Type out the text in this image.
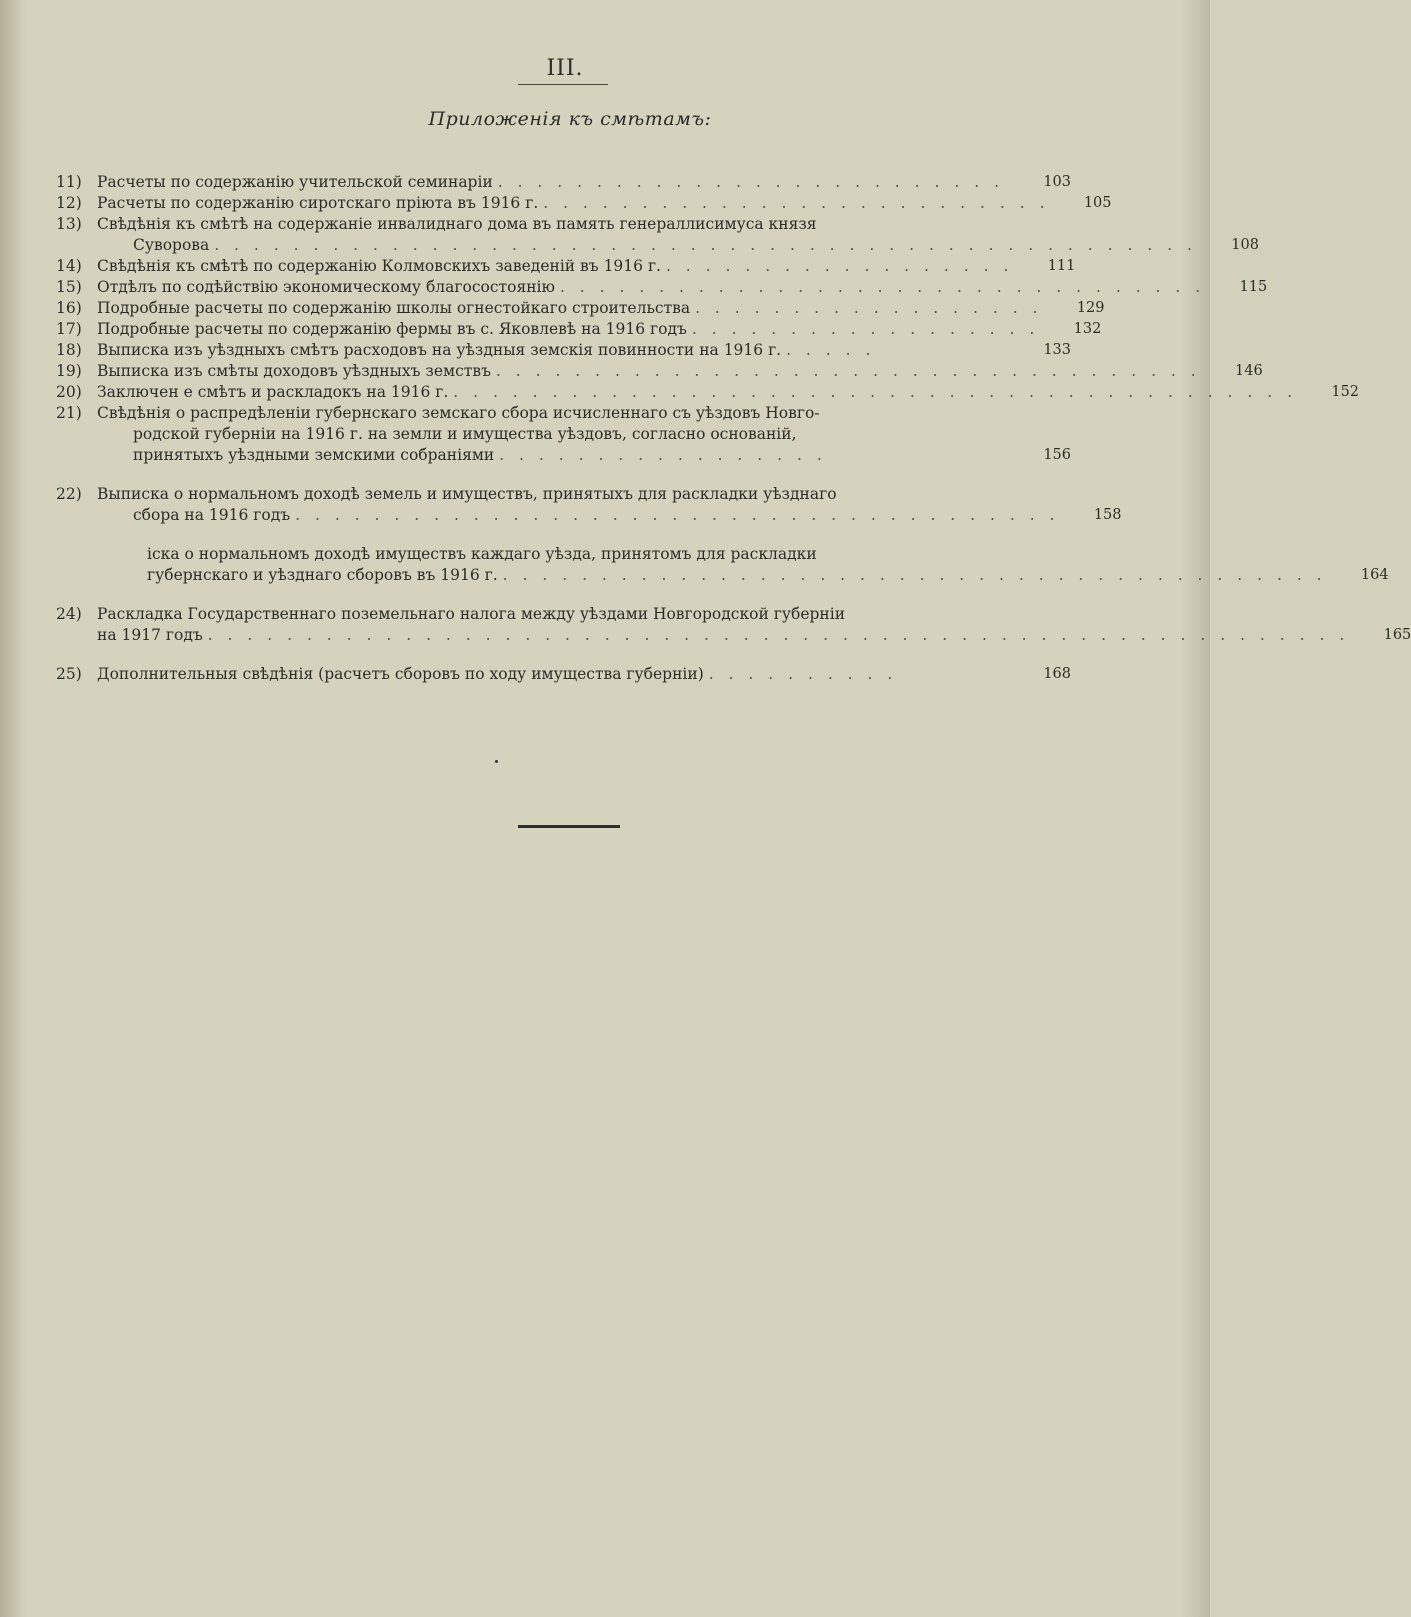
III.
Приложенія къ смѣтамъ:
11) Расчеты по содержанію учительской семинаріи . . . . . . . . . . . . . . . . . . . . . . . . . .	103
12) Расчеты по содержанію сиротскаго пріюта въ 1916 г. . . . . . . . . . . . . . . . . . . . . . . . . . .	105
13) Свѣдѣнія къ смѣтѣ на содержаніе инвалиднаго дома въ память генераллисимуса князя
Суворова . . . . . . . . . . . . . . . . . . . . . . . . . . . . . . . . . . . . . . . . . . . . . . . . . .	108
14) Свѣдѣнія къ смѣтѣ по содержанію Колмовскихъ заведеній въ 1916 г. . . . . . . . . . . . . . . . . . .	111
15) Отдѣлъ по содѣйствію экономическому благосостоянію . . . . . . . . . . . . . . . . . . . . . . . . . . . . . . . . .	115
16) Подробные расчеты по содержанію школы огнестойкаго строительства . . . . . . . . . . . . . . . . . .	129
17) Подробные расчеты по содержанію фермы въ с. Яковлевѣ на 1916 годъ . . . . . . . . . . . . . . . . . .	132
18) Выписка изъ уѣздныхъ смѣтъ расходовъ на уѣздныя земскія повинности на 1916 г. . . . . .	133
19) Выписка изъ смѣты доходовъ уѣздныхъ земствъ . . . . . . . . . . . . . . . . . . . . . . . . . . . . . . . . . . . .	146
20) Заключен е смѣтъ и раскладокъ на 1916 г. . . . . . . . . . . . . . . . . . . . . . . . . . . . . . . . . . . . . . . . . . . .	152
21) Свѣдѣнія о распредѣленіи губернскаго земскаго сбора исчисленнаго съ уѣздовъ Новго-
родской губерніи на 1916 г. на земли и имущества уѣздовъ, согласно основаній,
принятыхъ уѣздными земскими собраніями . . . . . . . . . . . . . . . . .	156
22) Выписка о нормальномъ доходѣ земель и имуществъ, принятыхъ для раскладки уѣзднаго
сбора на 1916 годъ . . . . . . . . . . . . . . . . . . . . . . . . . . . . . . . . . . . . . . .	158
іска о нормальномъ доходѣ имуществъ каждаго уѣзда, принятомъ для раскладки
губернскаго и уѣзднаго сборовъ въ 1916 г. . . . . . . . . . . . . . . . . . . . . . . . . . . . . . . . . . . . . . . . . . .	164
24) Раскладка Государственнаго поземельнаго налога между уѣздами Новгородской губерніи
на 1917 годъ . . . . . . . . . . . . . . . . . . . . . . . . . . . . . . . . . . . . . . . . . . . . . . . . . . . . . . . . . .	165
25) Дополнительныя свѣдѣнія (расчетъ сборовъ по ходу имущества губерніи) . . . . . . . . . .	168
